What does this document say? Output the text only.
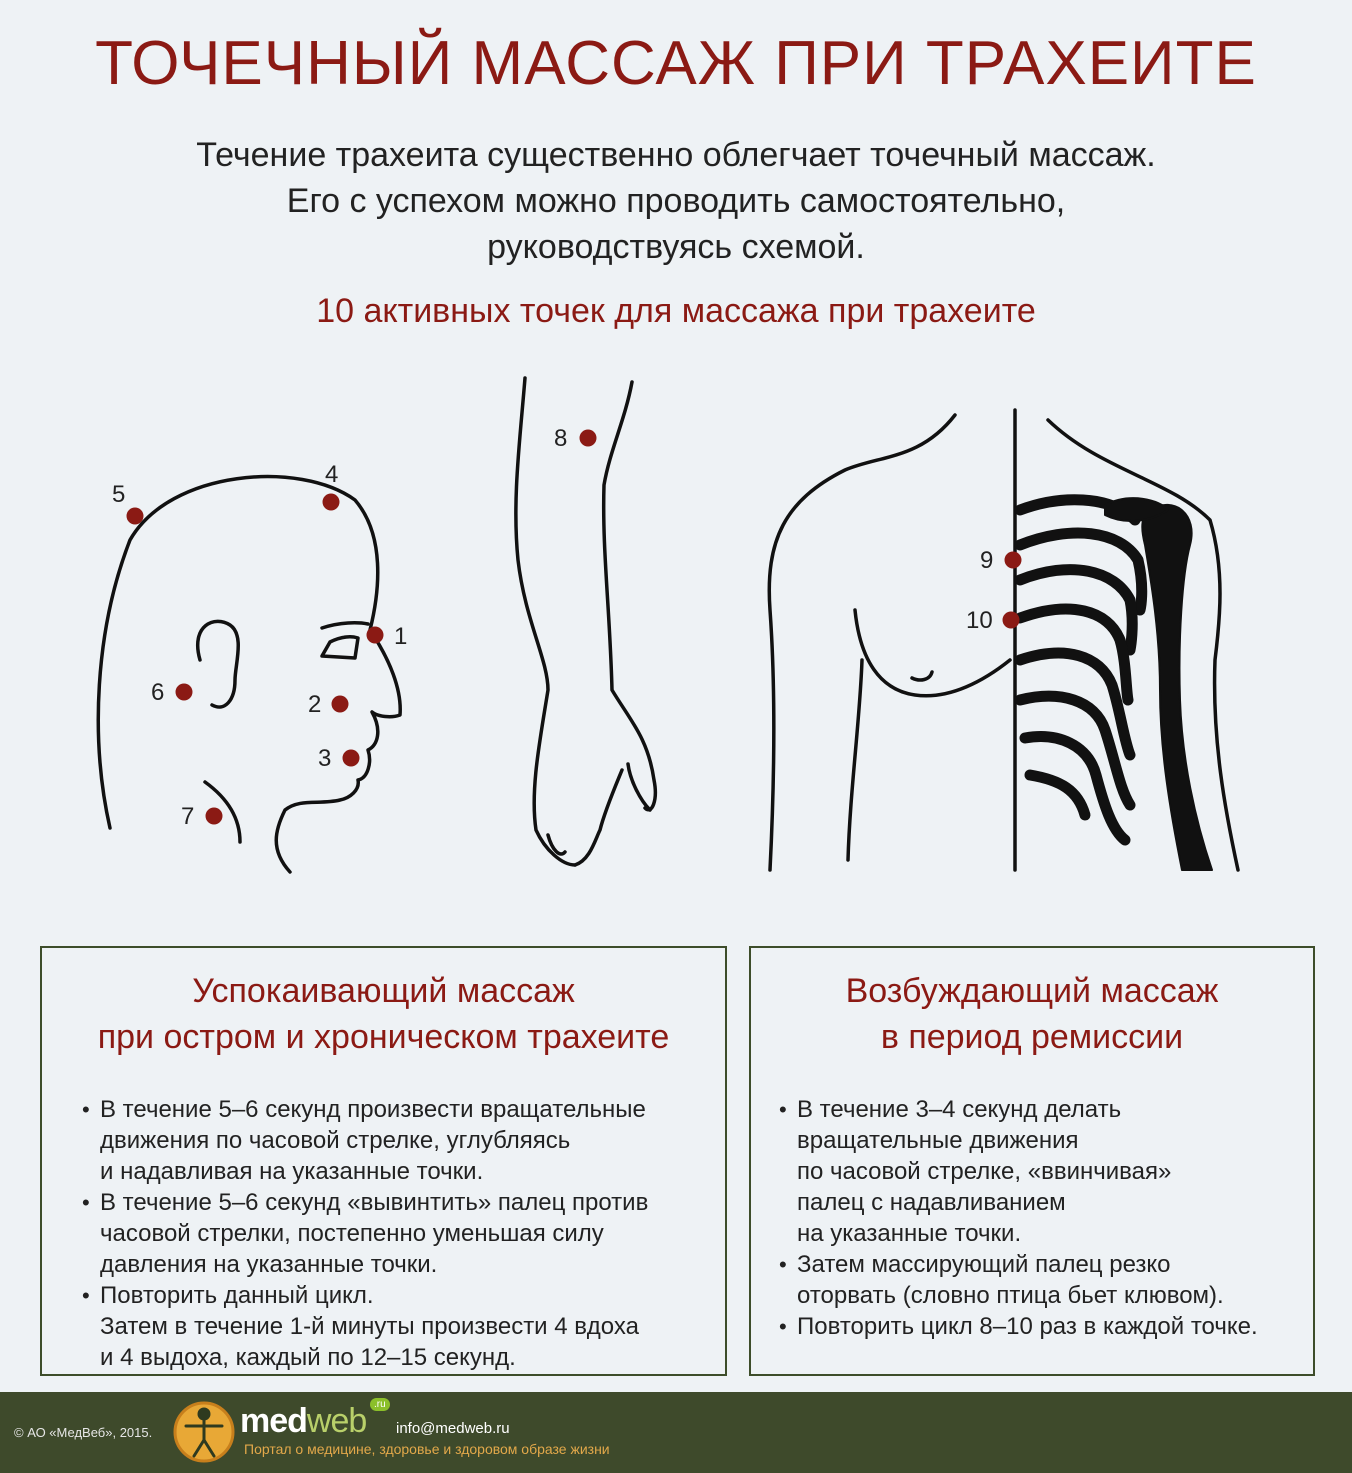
ТОЧЕЧНЫЙ МАССАЖ ПРИ ТРАХЕИТЕ
Течение трахеита существенно облегчает точечный массаж.
Его с успехом можно проводить самостоятельно,
руководствуясь схемой.
10 активных точек для массажа при трахеите
1
2
3
4
5
6
7
8
9
10
Успокаивающий массаж
при остром и хроническом трахеите
• В течение 5–6 секунд произвести вращательные
движения по часовой стрелке, углубляясь
и надавливая на указанные точки.
• В течение 5–6 секунд «вывинтить» палец против
часовой стрелки, постепенно уменьшая силу
давления на указанные точки.
• Повторить данный цикл.
Затем в течение 1-й минуты произвести 4 вдоха
и 4 выдоха, каждый по 12–15 секунд.
Возбуждающий массаж
в период ремиссии
• В течение 3–4 секунд делать
вращательные движения
по часовой стрелке, «ввинчивая»
палец с надавливанием
на указанные точки.
• Затем массирующий палец резко
оторвать (словно птица бьет клювом).
• Повторить цикл 8–10 раз в каждой точке.
© АО «МедВеб», 2015.	medweb .ru
info@medweb.ru
Портал о медицине, здоровье и здоровом образе жизни
